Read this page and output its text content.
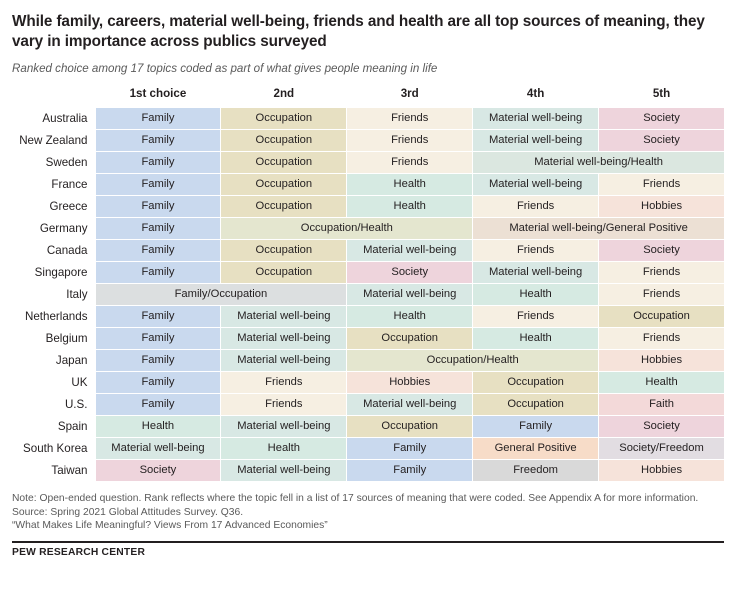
While family, careers, material well-being, friends and health are all top sources of meaning, they vary in importance across publics surveyed
Ranked choice among 17 topics coded as part of what gives people meaning in life
	1st choice	2nd	3rd	4th	5th
Australia	Family	Occupation	Friends	Material well-being	Society
New Zealand	Family	Occupation	Friends	Material well-being	Society
Sweden	Family	Occupation	Friends	Material well-being/Health	
France	Family	Occupation	Health	Material well-being	Friends
Greece	Family	Occupation	Health	Friends	Hobbies
Germany	Family	Occupation/Health		Material well-being/General Positive	
Canada	Family	Occupation	Material well-being	Friends	Society
Singapore	Family	Occupation	Society	Material well-being	Friends
Italy	Family/Occupation		Material well-being	Health	Friends
Netherlands	Family	Material well-being	Health	Friends	Occupation
Belgium	Family	Material well-being	Occupation	Health	Friends
Japan	Family	Material well-being	Occupation/Health		Hobbies
UK	Family	Friends	Hobbies	Occupation	Health
U.S.	Family	Friends	Material well-being	Occupation	Faith
Spain	Health	Material well-being	Occupation	Family	Society
South Korea	Material well-being	Health	Family	General Positive	Society/Freedom
Taiwan	Society	Material well-being	Family	Freedom	Hobbies
Note: Open-ended question. Rank reflects where the topic fell in a list of 17 sources of meaning that were coded. See Appendix A for more information.
Source: Spring 2021 Global Attitudes Survey. Q36.
“What Makes Life Meaningful? Views From 17 Advanced Economies”
PEW RESEARCH CENTER
